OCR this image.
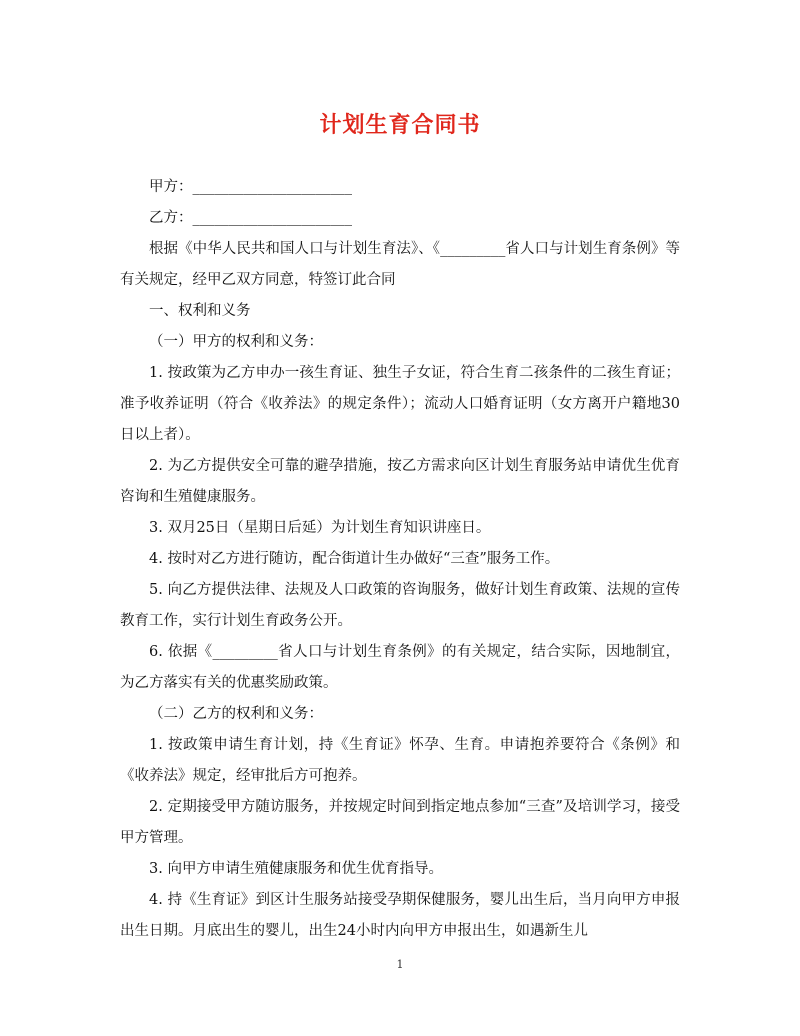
计划生育合同书

甲方：______________________

乙方：______________________

根据《中华人民共和国人口与计划生育法》、《_________省人口与计划生育条例》等有关规定，经甲乙双方同意，特签订此合同

一、权利和义务

（一）甲方的权利和义务：

1. 按政策为乙方申办一孩生育证、独生子女证，符合生育二孩条件的二孩生育证；准予收养证明（符合《收养法》的规定条件）；流动人口婚育证明（女方离开户籍地30日以上者）。

2. 为乙方提供安全可靠的避孕措施，按乙方需求向区计划生育服务站申请优生优育咨询和生殖健康服务。

3. 双月25日（星期日后延）为计划生育知识讲座日。

4. 按时对乙方进行随访，配合街道计生办做好“三查”服务工作。

5. 向乙方提供法律、法规及人口政策的咨询服务，做好计划生育政策、法规的宣传教育工作，实行计划生育政务公开。

6. 依据《_________省人口与计划生育条例》的有关规定，结合实际，因地制宜，为乙方落实有关的优惠奖励政策。

（二）乙方的权利和义务：

1. 按政策申请生育计划，持《生育证》怀孕、生育。申请抱养要符合《条例》和《收养法》规定，经审批后方可抱养。

2. 定期接受甲方随访服务，并按规定时间到指定地点参加“三查”及培训学习，接受甲方管理。

3. 向甲方申请生殖健康服务和优生优育指导。

4. 持《生育证》到区计生服务站接受孕期保健服务，婴儿出生后，当月向甲方申报出生日期。月底出生的婴儿，出生24小时内向甲方申报出生，如遇新生儿

1
